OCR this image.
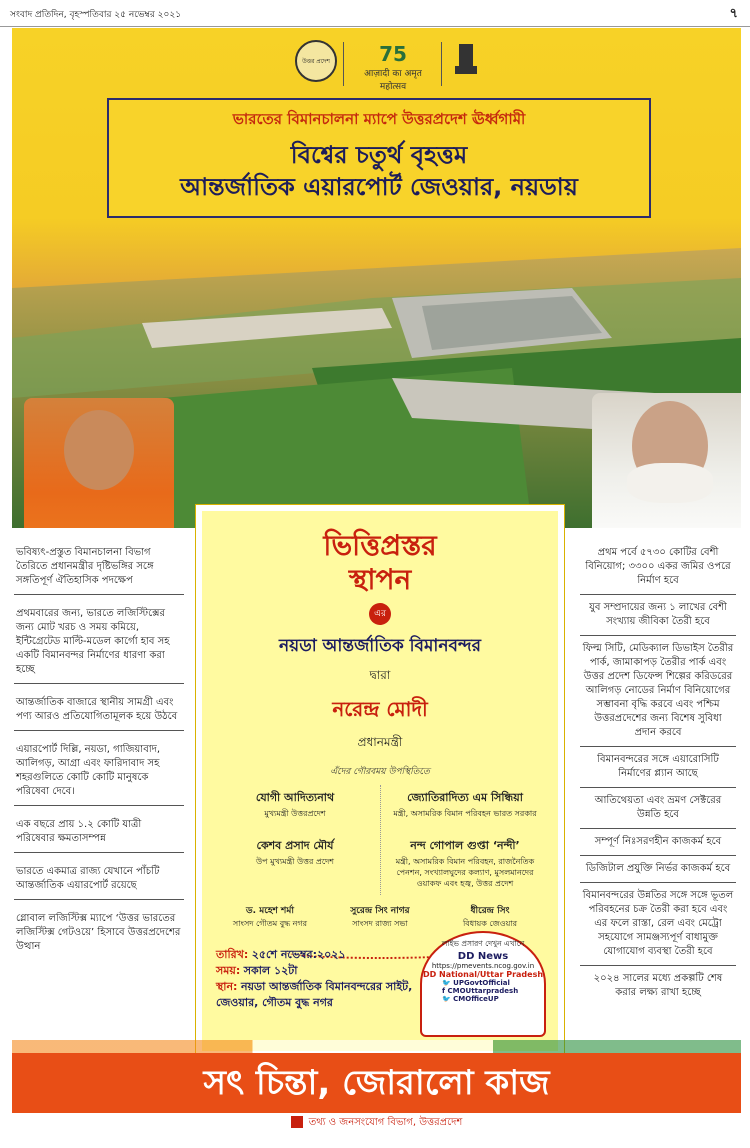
সংবাদ প্রতিদিন, বৃহস্পতিবার ২৫ নভেম্বর ২০২১	৭
উত্তর প্রদেশ	75
आज़ादी का अमृत महोत्सव
ভারতের বিমানচালনা ম্যাপে উত্তরপ্রদেশ ঊর্ধ্বগামী
বিশ্বের চতুর্থ বৃহত্তম
আন্তর্জাতিক এয়ারপোর্ট জেওয়ার, নয়ডায়
ভবিষ্যৎ-প্রস্তুত বিমানচালনা বিভাগ তৈরিতে প্রধানমন্ত্রীর দৃষ্টিভঙ্গির সঙ্গে সঙ্গতিপূর্ণ ঐতিহাসিক পদক্ষেপ
প্রথমবারের জন্য, ভারতে লজিস্টিক্সের জন্য মোট খরচ ও সময় কমিয়ে, ইন্টিগ্রেটেড মাল্টি-মডেল কার্গো হাব সহ একটি বিমানবন্দর নির্মাণের ধারণা করা হচ্ছে
আন্তর্জাতিক বাজারে স্থানীয় সামগ্রী এবং পণ্য আরও প্রতিযোগিতামূলক হয়ে উঠবে
এয়ারপোর্ট দিল্লি, নয়ডা, গাজিয়াবাদ, আলিগড়, আগ্রা এবং ফারিদাবাদ সহ শহরগুলিতে কোটি কোটি মানুষকে পরিষেবা দেবে।
এক বছরে প্রায় ১.২ কোটি যাত্রী পরিষেবার ক্ষমতাসম্পন্ন
ভারতে একমাত্র রাজ্য যেখানে পাঁচটি আন্তর্জাতিক এয়ারপোর্ট রয়েছে
গ্লোবাল লজিস্টিক্স ম্যাপে ‘উত্তর ভারতের লজিস্টিক্স গেটওয়ে’ হিসাবে উত্তরপ্রদেশের উত্থান
প্রথম পর্বে ৫৭৩০ কোটির বেশী বিনিয়োগ; ৩৩০০ একর জমির ওপরে নির্মাণ হবে
যুব সম্প্রদায়ের জন্য ১ লাখের বেশী সংখ্যায় জীবিকা তৈরী হবে
ফিল্ম সিটি, মেডিক্যাল ডিভাইস তৈরীর পার্ক, জামাকাপড় তৈরীর পার্ক এবং উত্তর প্রদেশ ডিফেন্স শিল্পের করিডরের আলিগড় নোডের নির্মাণ বিনিয়োগের সম্ভাবনা বৃদ্ধি করবে এবং পশ্চিম উত্তরপ্রদেশের জন্য বিশেষ সুবিধা প্রদান করবে
বিমানবন্দরের সঙ্গে এয়ারোসিটি নির্মাণের প্ল্যান আছে
আতিথেয়তা এবং ভ্রমণ সেক্টরের উন্নতি হবে
সম্পূর্ণ নিঃসরণহীন কাজকর্ম হবে
ডিজিটাল প্রযুক্তি নির্ভর কাজকর্ম হবে
বিমানবন্দরের উন্নতির সঙ্গে সঙ্গে ভূতল পরিবহনের চক্র তৈরী করা হবে এবং এর ফলে রাস্তা, রেল এবং মেট্রো সহযোগে সামঞ্জস্যপূর্ণ বাধামুক্ত যোগাযোগ ব্যবস্থা তৈরী হবে
২০২৪ সালের মধ্যে প্রকল্পটি শেষ করার লক্ষ্য রাখা হচ্ছে
ভিত্তিপ্রস্তর
স্থাপন
এর
নয়ডা আন্তর্জাতিক বিমানবন্দর
দ্বারা
নরেন্দ্র মোদী
প্রধানমন্ত্রী
এঁদের গৌরবময় উপস্থিতিতে
যোগী আদিত্যনাথ
মুখ্যমন্ত্রী উত্তরপ্রদেশ
জ্যোতিরাদিত্য এম সিন্ধিয়া
মন্ত্রী, অসামরিক বিমান পরিবহন ভারত সরকার
কেশব প্রসাদ মৌর্য
উপ মুখ্যমন্ত্রী উত্তর প্রদেশ
নন্দ গোপাল গুপ্তা ‘নন্দী’
মন্ত্রী, অসামরিক বিমান পরিবহন, রাজনৈতিক পেনশন, সংখ্যালঘুদের কল্যাণ, মুসলমানদের ওয়াকফ এবং হজ্ব, উত্তর প্রদেশ
ড. মহেশ শর্মা
সাংসদ গৌতম বুদ্ধ নগর
সুরেন্দ্র সিং নাগর
সাংসদ রাজ্য সভা
ধীরেন্দ্র সিং
বিধায়ক জেওয়ার
তারিখ: ২৫শে নভেম্বর:২০২১
সময়: সকাল ১২টা
স্থান: নয়ডা আন্তর্জাতিক বিমানবন্দরের সাইট, জেওয়ার, গৌতম বুদ্ধ নগর
লাইভ প্রসারণ দেখুন এখানে
DD News
https://pmevents.ncog.gov.in
DD National/Uttar Pradesh
🐦 UPGovtOfficial
f CMOUttarpradesh
🐦 CMOfficeUP
সৎ চিন্তা, জোরালো কাজ
তথ্য ও জনসংযোগ বিভাগ, উত্তরপ্রদেশ
